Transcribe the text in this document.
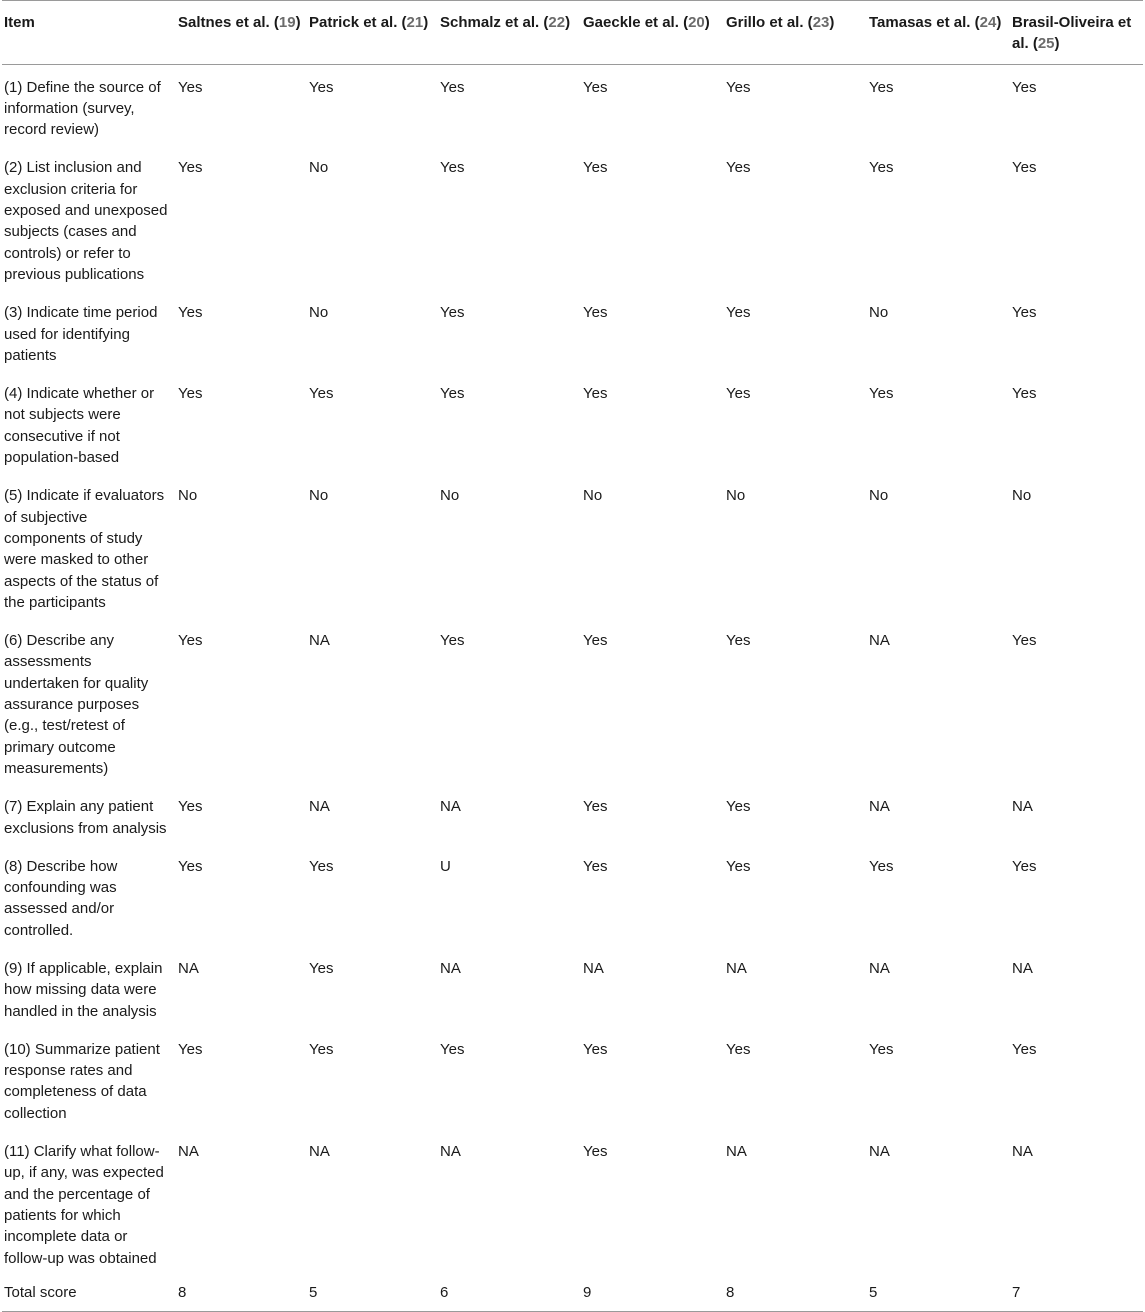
Item	Saltnes et al. (19)	Patrick et al. (21)	Schmalz et al. (22)	Gaeckle et al. (20)	Grillo et al. (23)	Tamasas et al. (24)	Brasil-Oliveira et al. (25)
(1) Define the source of information (survey, record review)	Yes	Yes	Yes	Yes	Yes	Yes	Yes
(2) List inclusion and exclusion criteria for exposed and unexposed subjects (cases and controls) or refer to previous publications	Yes	No	Yes	Yes	Yes	Yes	Yes
(3) Indicate time period used for identifying patients	Yes	No	Yes	Yes	Yes	No	Yes
(4) Indicate whether or not subjects were consecutive if not population-based	Yes	Yes	Yes	Yes	Yes	Yes	Yes
(5) Indicate if evaluators of subjective components of study were masked to other aspects of the status of the participants	No	No	No	No	No	No	No
(6) Describe any assessments undertaken for quality assurance purposes (e.g., test/retest of primary outcome measurements)	Yes	NA	Yes	Yes	Yes	NA	Yes
(7) Explain any patient exclusions from analysis	Yes	NA	NA	Yes	Yes	NA	NA
(8) Describe how confounding was assessed and/or controlled.	Yes	Yes	U	Yes	Yes	Yes	Yes
(9) If applicable, explain how missing data were handled in the analysis	NA	Yes	NA	NA	NA	NA	NA
(10) Summarize patient response rates and completeness of data collection	Yes	Yes	Yes	Yes	Yes	Yes	Yes
(11) Clarify what follow-up, if any, was expected and the percentage of patients for which incomplete data or follow-up was obtained	NA	NA	NA	Yes	NA	NA	NA
Total score	8	5	6	9	8	5	7
